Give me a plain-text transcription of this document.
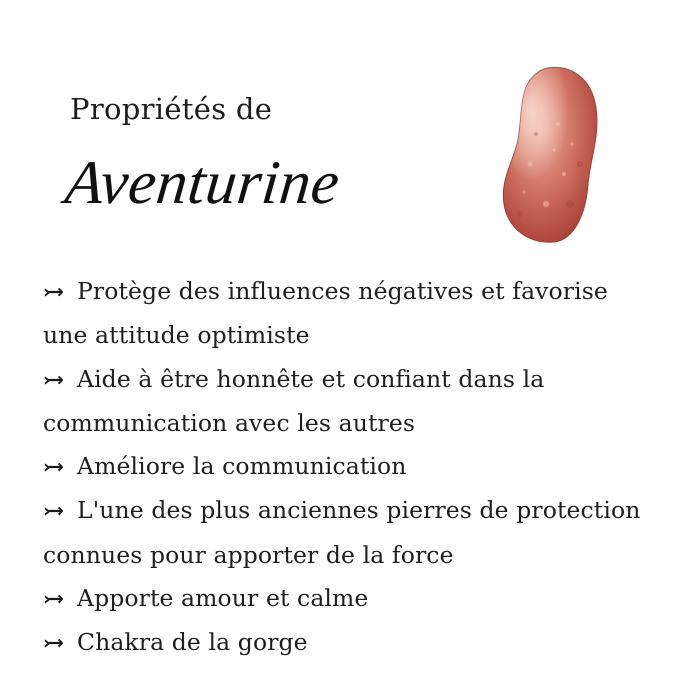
Propriétés de
Aventurine
›→ Protège des influences négatives et favorise une attitude optimiste
›→ Aide à être honnête et confiant dans la communication avec les autres
›→ Améliore la communication
›→ L'une des plus anciennes pierres de protection connues pour apporter de la force
›→ Apporte amour et calme
›→ Chakra de la gorge
